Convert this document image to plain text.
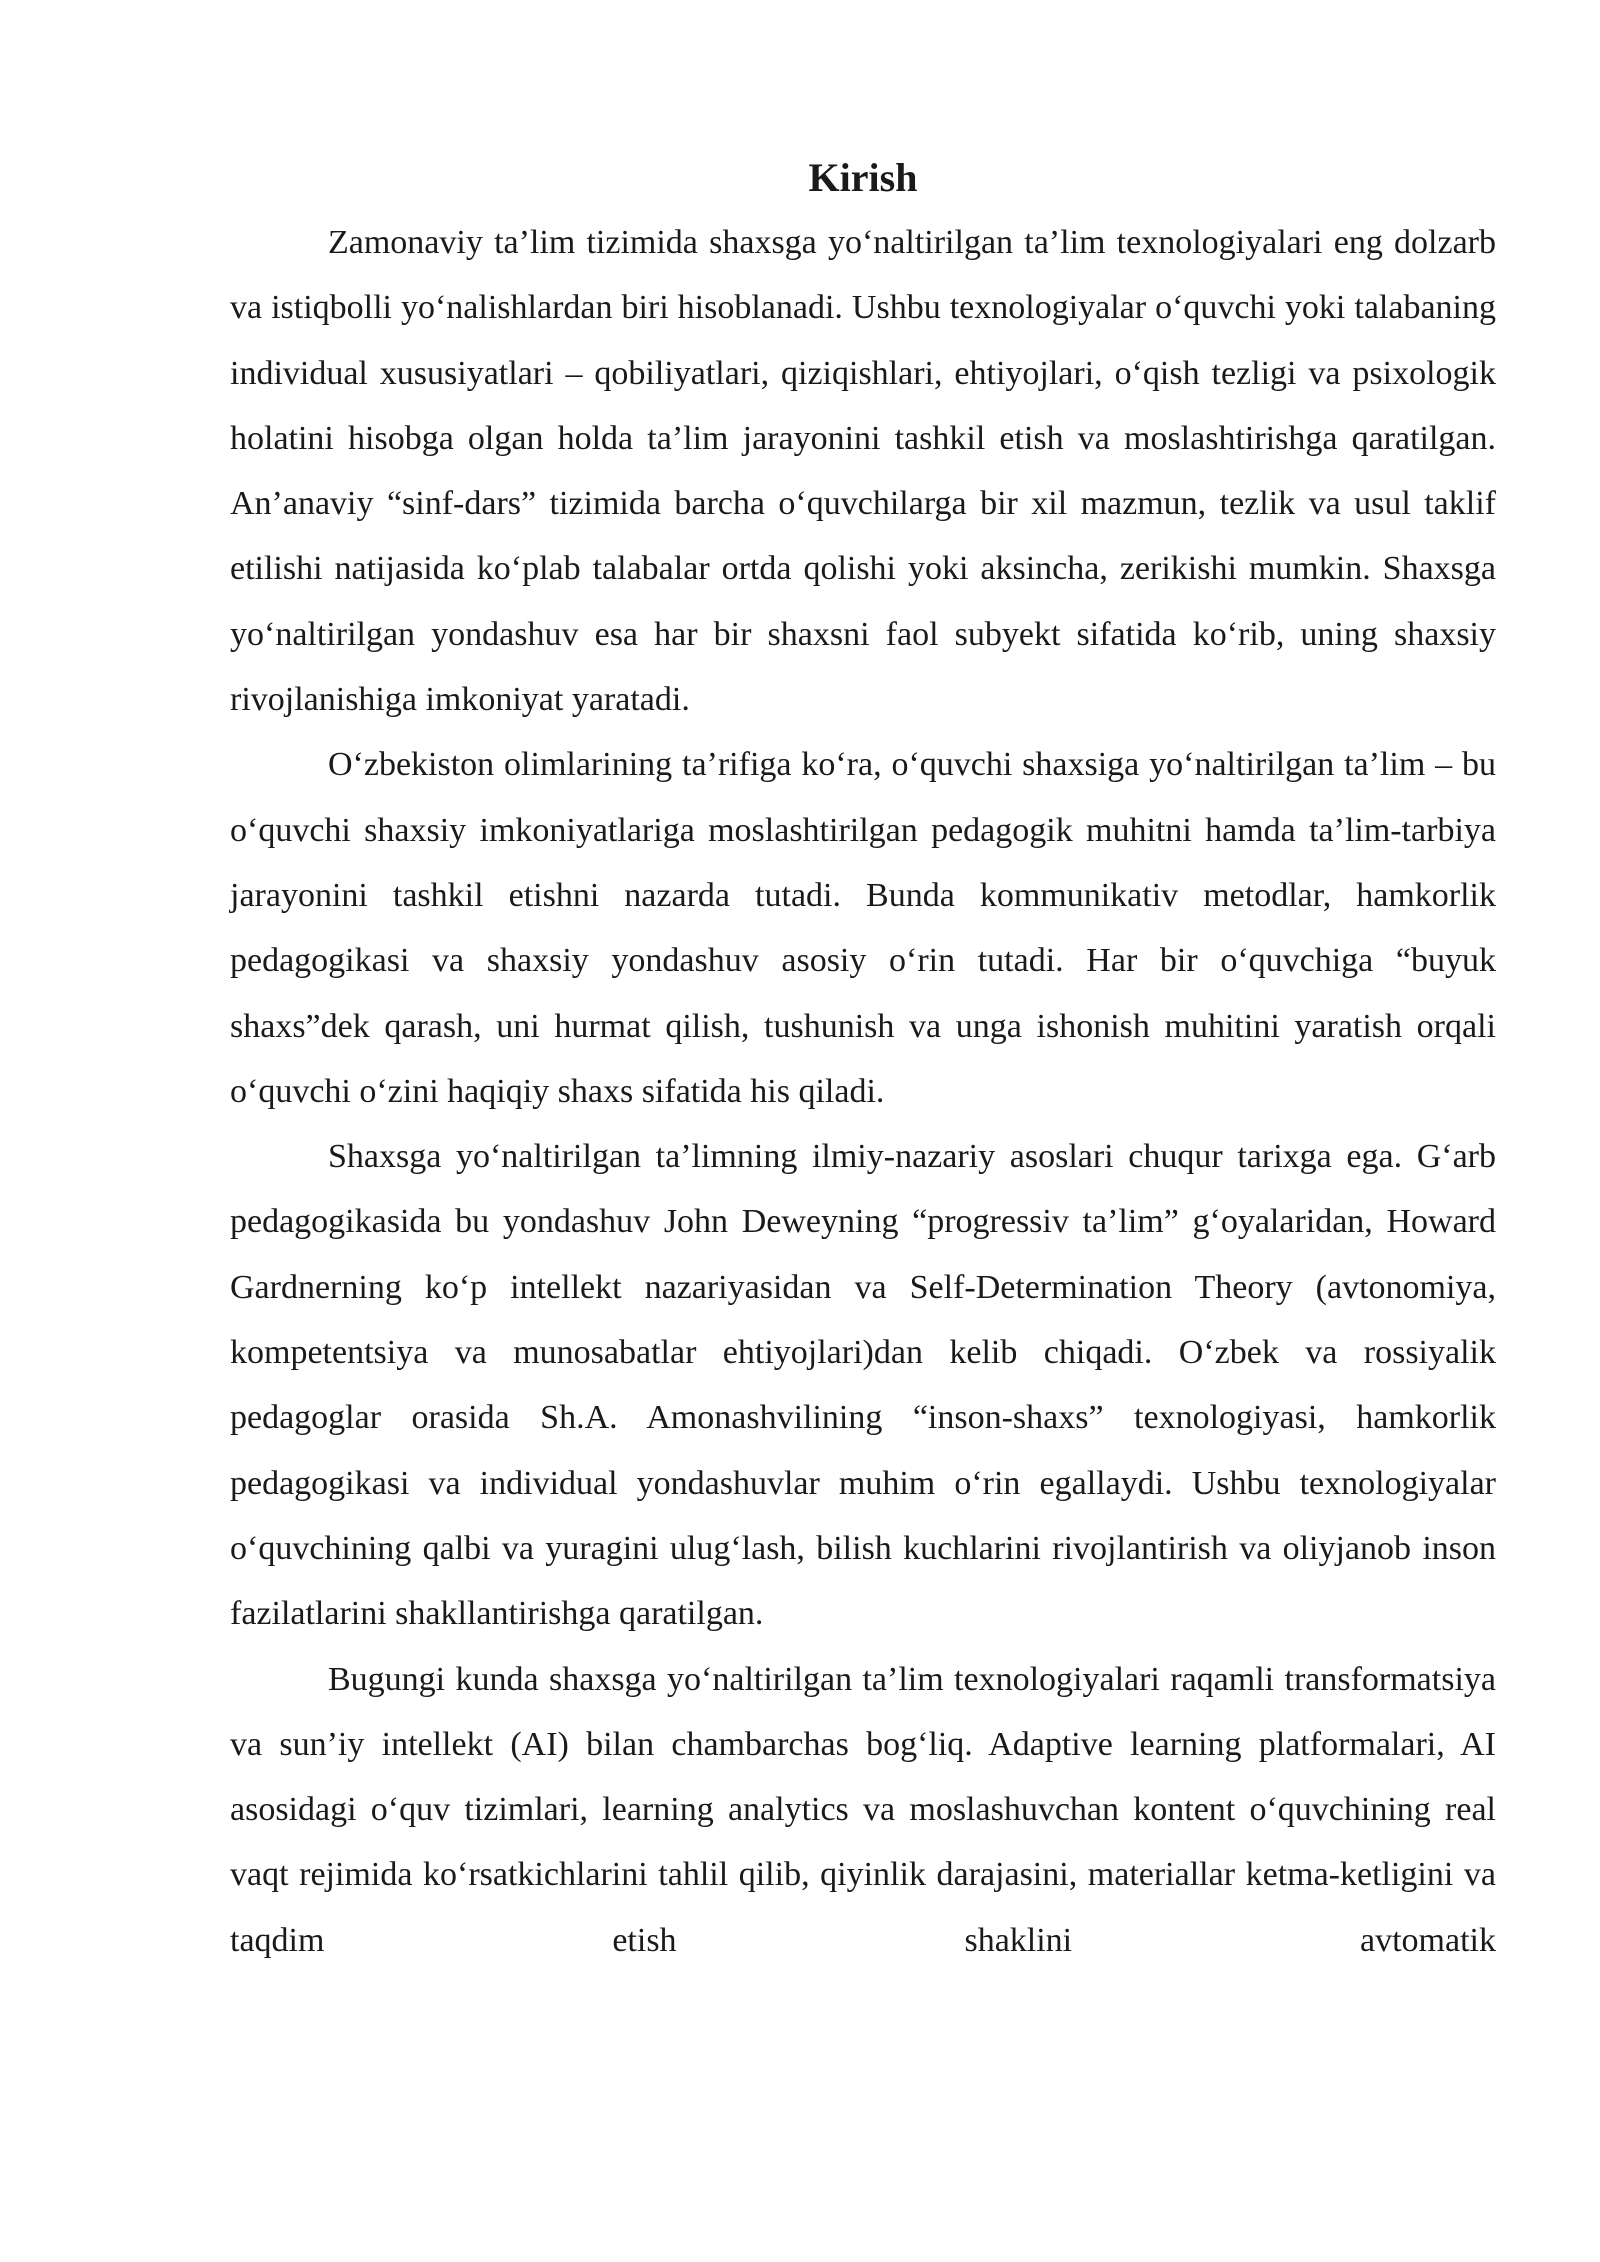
Kirish

Zamonaviy ta’lim tizimida shaxsga yo‘naltirilgan ta’lim texnologiyalari eng dolzarb va istiqbolli yo‘nalishlardan biri hisoblanadi. Ushbu texnologiyalar o‘quvchi yoki talabaning individual xususiyatlari – qobiliyatlari, qiziqishlari, ehtiyojlari, o‘qish tezligi va psixologik holatini hisobga olgan holda ta’lim jarayonini tashkil etish va moslashtirishga qaratilgan. An’anaviy “sinf-dars” tizimida barcha o‘quvchilarga bir xil mazmun, tezlik va usul taklif etilishi natijasida ko‘plab talabalar ortda qolishi yoki aksincha, zerikishi mumkin. Shaxsga yo‘naltirilgan yondashuv esa har bir shaxsni faol subyekt sifatida ko‘rib, uning shaxsiy rivojlanishiga imkoniyat yaratadi.

O‘zbekiston olimlarining ta’rifiga ko‘ra, o‘quvchi shaxsiga yo‘naltirilgan ta’lim – bu o‘quvchi shaxsiy imkoniyatlariga moslashtirilgan pedagogik muhitni hamda ta’lim-tarbiya jarayonini tashkil etishni nazarda tutadi. Bunda kommunikativ metodlar, hamkorlik pedagogikasi va shaxsiy yondashuv asosiy o‘rin tutadi. Har bir o‘quvchiga “buyuk shaxs”dek qarash, uni hurmat qilish, tushunish va unga ishonish muhitini yaratish orqali o‘quvchi o‘zini haqiqiy shaxs sifatida his qiladi.

Shaxsga yo‘naltirilgan ta’limning ilmiy-nazariy asoslari chuqur tarixga ega. G‘arb pedagogikasida bu yondashuv John Deweyning “progressiv ta’lim” g‘oyalaridan, Howard Gardnerning ko‘p intellekt nazariyasidan va Self-Determination Theory (avtonomiya, kompetentsiya va munosabatlar ehtiyojlari)dan kelib chiqadi. O‘zbek va rossiyalik pedagoglar orasida Sh.A. Amonashvilining “inson-shaxs” texnologiyasi, hamkorlik pedagogikasi va individual yondashuvlar muhim o‘rin egallaydi. Ushbu texnologiyalar o‘quvchining qalbi va yuragini ulug‘lash, bilish kuchlarini rivojlantirish va oliyjanob inson fazilatlarini shakllantirishga qaratilgan.

Bugungi kunda shaxsga yo‘naltirilgan ta’lim texnologiyalari raqamli transformatsiya va sun’iy intellekt (AI) bilan chambarchas bog‘liq. Adaptive learning platformalari, AI asosidagi o‘quv tizimlari, learning analytics va moslashuvchan kontent o‘quvchining real vaqt rejimida ko‘rsatkichlarini tahlil qilib, qiyinlik darajasini, materiallar ketma-ketligini va taqdim etish shaklini avtomatik
